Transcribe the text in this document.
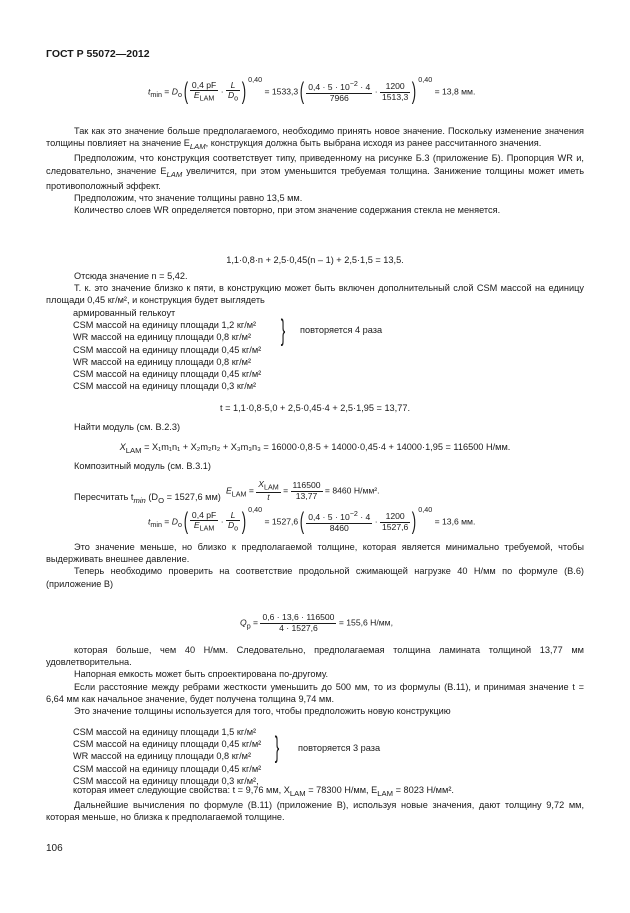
ГОСТ Р 55072—2012
$t_{min} = D_o( \frac{0,4 pF}{E_{LAM}} \cdot \frac{L}{D_o}$ ) $^{0,40} = 1533,3( \frac{0,4 \cdot 5 \cdot 10^{-2} \cdot 4}{7966} \cdot \frac{1200}{1513,3}$ ) $^{0,40}$ = 13,8 мм.

Так как это значение больше предполагаемого, необходимо принять новое значение. Поскольку изменение значения толщины повлияет на значение $E_{LAM}$, конструкция должна быть выбрана исходя из ранее рассчитанного значения.

Предположим, что конструкция соответствует типу, приведенному на рисунке Б.3 (приложение Б). Пропорция WR и, следовательно, значение $E_{LAM}$ увеличится, при этом уменьшится требуемая толщина. Занижение толщины может иметь противоположный эффект.

Предположим, что значение толщины равно 13,5 мм.

Количество слоев WR определяется повторно, при этом значение содержания стекла не меняется.

1,1·0,8·n + 2,5·0,45(n – 1) + 2,5·1,5 = 13,5.

Отсюда значение n = 5,42.

Т. к. это значение близко к пяти, в конструкцию может быть включен дополнительный слой CSM массой на единицу площади 0,45 кг/м², и конструкция будет выглядеть

армированный гелькоут
CSM массой на единицу площади 1,2 кг/м²
WR массой на единицу площади 0,8 кг/м²
CSM массой на единицу площади 0,45 кг/м²
WR массой на единицу площади 0,8 кг/м²
CSM массой на единицу площади 0,45 кг/м²
CSM массой на единицу площади 0,3 кг/м²
} повторяется 4 раза
t = 1,1·0,8·5,0 + 2,5·0,45·4 + 2,5·1,95 = 13,77.

Найти модуль (см. В.2.3)

$X_{LAM} = X_1m_1n_1 + X_2m_2n_2 + X_3m_3n_3 = 16000\cdot 0,8\cdot 5 + 14000\cdot 0,45\cdot 4 + 14000\cdot 1,95 = 116500$ Н/мм.

Композитный модуль (см. В.3.1)

$E_{LAM} = \frac{X_{LAM}}{t} = \frac{116500}{13,77} = 8460$ Н/мм².

Пересчитать $t_{min}$ ($D_O = 1527,6$ мм)

$t_{min} = D_o( \frac{0,4 pF}{E_{LAM}} \cdot \frac{L}{D_o}$ ) $^{0,40} = 1527,6( \frac{0,4 \cdot 5 \cdot 10^{-2} \cdot 4}{8460} \cdot \frac{1200}{1527,6}$ ) $^{0,40}$ = 13,6 мм.

Это значение меньше, но близко к предполагаемой толщине, которая является минимально требуемой, чтобы выдерживать внешнее давление.

Теперь необходимо проверить на соответствие продольной сжимающей нагрузке 40 Н/мм по формуле (В.6) (приложение В)

$Q_p = \frac{0,6 \cdot 13,6 \cdot 116500}{4 \cdot 1527,6} = 155,6$ Н/мм,

которая больше, чем 40 Н/мм. Следовательно, предполагаемая толщина ламината толщиной 13,77 мм удовлетворительна.

Напорная емкость может быть спроектирована по-другому.

Если расстояние между ребрами жесткости уменьшить до 500 мм, то из формулы (В.11), и принимая значение t = 6,64 мм как начальное значение, будет получена толщина 9,74 мм.

Это значение толщины используется для того, чтобы предположить новую конструкцию

CSM массой на единицу площади 1,5 кг/м²
CSM массой на единицу площади 0,45 кг/м²
WR массой на единицу площади 0,8 кг/м²
CSM массой на единицу площади 0,45 кг/м²
CSM массой на единицу площади 0,3 кг/м²,
} повторяется 3 раза

которая имеет следующие свойства: t = 9,76 мм, $X_{LAM} = 78300$ Н/мм, $E_{LAM} = 8023$ Н/мм².

Дальнейшие вычисления по формуле (В.11) (приложение В), используя новые значения, дают толщину 9,72 мм, которая меньше, но близка к предполагаемой толщине.

106
